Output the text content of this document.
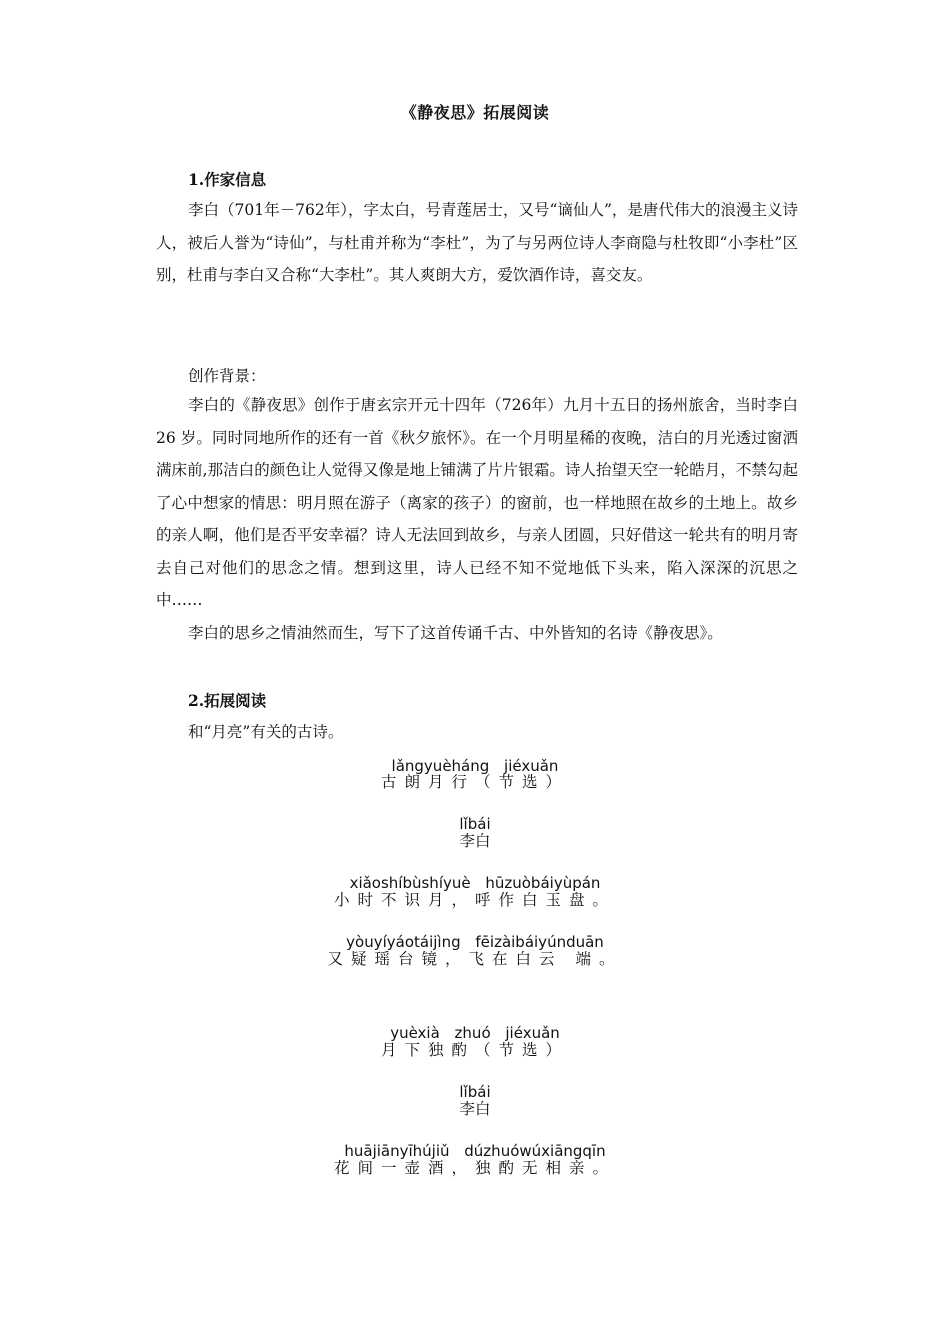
《静夜思》拓展阅读
1.作家信息
李白（701年－762年），字太白，号青莲居士，又号“谪仙人”，是唐代伟大的浪漫主义诗人，被后人誉为“诗仙”，与杜甫并称为“李杜”，为了与另两位诗人李商隐与杜牧即“小李杜”区别，杜甫与李白又合称“大李杜”。其人爽朗大方，爱饮酒作诗，喜交友。
创作背景：
李白的《静夜思》创作于唐玄宗开元十四年（726年）九月十五日的扬州旅舍，当时李白 26 岁。同时同地所作的还有一首《秋夕旅怀》。在一个月明星稀的夜晚，洁白的月光透过窗洒满床前,那洁白的颜色让人觉得又像是地上铺满了片片银霜。诗人抬望天空一轮皓月，不禁勾起了心中想家的情思：明月照在游子（离家的孩子）的窗前，也一样地照在故乡的土地上。故乡的亲人啊，他们是否平安幸福？诗人无法回到故乡，与亲人团圆，只好借这一轮共有的明月寄去自己对他们的思念之情。想到这里，诗人已经不知不觉地低下头来，陷入深深的沉思之中……
李白的思乡之情油然而生，写下了这首传诵千古、中外皆知的名诗《静夜思》。
2.拓展阅读
和“月亮”有关的古诗。
lǎngyuèháng jiéxuǎn
古朗月行（节选）
lǐbái
李白
xiǎoshíbùshíyuè hūzuòbáiyùpán
小时不识月，呼作白玉盘。
yòuyíyáotáijìng fēizàibáiyúnduān
又疑瑶台镜，飞在白云 端。
yuèxià zhuó jiéxuǎn
月下独酌（节选）
lǐbái
李白
huājiānyīhújiǔ dúzhuówúxiāngqīn
花间一壶酒，独酌无相亲。
